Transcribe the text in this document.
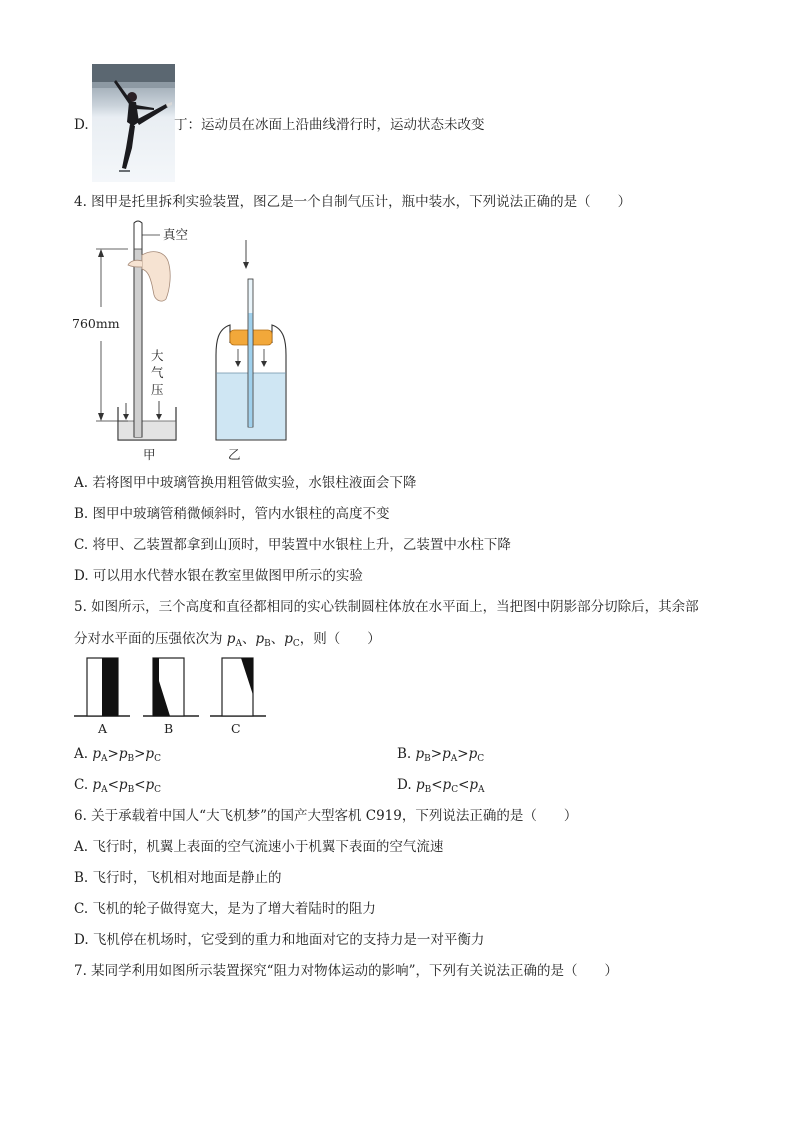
D.	丁：运动员在冰面上沿曲线滑行时，运动状态未改变
4. 图甲是托里拆利实验装置，图乙是一个自制气压计，瓶中装水，下列说法正确的是（　　）
真空
760mm
大
气
压
甲	乙
A. 若将图甲中玻璃管换用粗管做实验，水银柱液面会下降
B. 图甲中玻璃管稍微倾斜时，管内水银柱的高度不变
C. 将甲、乙装置都拿到山顶时，甲装置中水银柱上升，乙装置中水柱下降
D. 可以用水代替水银在教室里做图甲所示的实验
5. 如图所示，三个高度和直径都相同的实心铁制圆柱体放在水平面上，当把图中阴影部分切除后，其余部
分对水平面的压强依次为 $p_A$、$p_B$、$p_C$，则（　　）
A	B	C
A. $p_A>p_B>p_C$	B. $p_B>p_A>p_C$
C. $p_A<p_B<p_C$	D. $p_B<p_C<p_A$
6. 关于承载着中国人“大飞机梦”的国产大型客机 C919，下列说法正确的是（　　）
A. 飞行时，机翼上表面的空气流速小于机翼下表面的空气流速
B. 飞行时，飞机相对地面是静止的
C. 飞机的轮子做得宽大，是为了增大着陆时的阻力
D. 飞机停在机场时，它受到的重力和地面对它的支持力是一对平衡力
7. 某同学利用如图所示装置探究“阻力对物体运动的影响”，下列有关说法正确的是（　　）
